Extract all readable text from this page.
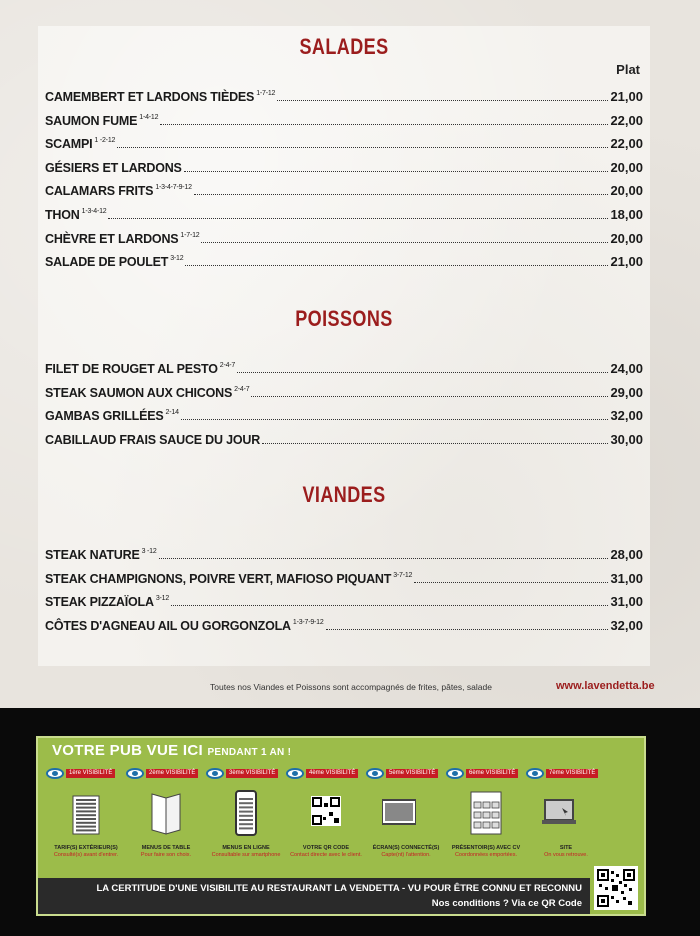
SALADES
Plat
CAMEMBERT ET LARDONS TIÈDES $^{1-7-12}$	21,00
SAUMON FUME $^{1-4-12}$	22,00
SCAMPI $^{1 -2-12}$	22,00
GÉSIERS ET LARDONS	20,00
CALAMARS FRITS $^{1-3-4-7-9-12}$	20,00
THON $^{1-3-4-12}$	18,00
CHÈVRE ET LARDONS $^{1-7-12}$	20,00
SALADE DE POULET $^{3-12}$	21,00
POISSONS
FILET DE ROUGET AL PESTO $^{2-4-7}$	24,00
STEAK SAUMON AUX CHICONS $^{2-4-7}$	29,00
GAMBAS GRILLÉES $^{2-14}$	32,00
CABILLAUD FRAIS SAUCE DU JOUR	30,00
VIANDES
STEAK NATURE $^{3 -12}$	28,00
STEAK CHAMPIGNONS, POIVRE VERT, MAFIOSO PIQUANT $^{3-7-12}$	31,00
STEAK PIZZAÏOLA $^{3-12}$	31,00
CÔTES D'AGNEAU AIL OU GORGONZOLA $^{1-3-7-9-12}$	32,00
Toutes nos Viandes et Poissons sont accompagnés de frites, pâtes, salade	www.lavendetta.be
VOTRE PUB VUE ICI PENDANT 1 AN !
1ère VISIBILITÉ
TARIF(S) EXTÉRIEUR(S)
Consulté(s) avant d'entrer.
2ème VISIBILITÉ
MENUS DE TABLE
Pour faire son choix.
3ème VISIBILITÉ
MENUS EN LIGNE
Consultable sur smartphone
4ème VISIBILITÉ
VOTRE QR CODE
Contact directe avec le client.
5ème VISIBILITÉ
ÉCRAN(S) CONNECTÉ(S)
Capte(nt) l'attention.
6ème VISIBILITÉ
PRÉSENTOIR(S) AVEC CV
Coordonnées emportées.
7ème VISIBILITÉ
SITE
On vous retrouve.
LA CERTITUDE D'UNE VISIBILITE AU RESTAURANT LA VENDETTA - VU POUR ÊTRE CONNU ET RECONNU
Nos conditions ? Via ce QR Code
